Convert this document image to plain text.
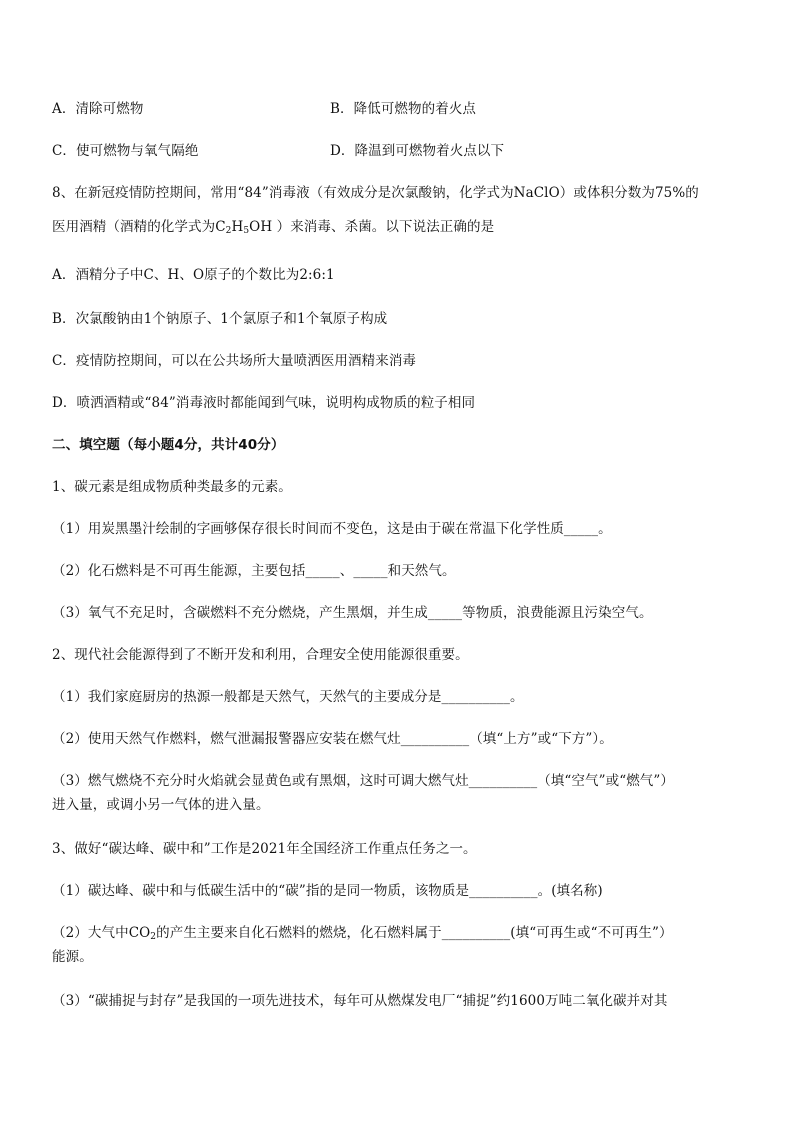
A．清除可燃物	B．降低可燃物的着火点
C．使可燃物与氧气隔绝	D．降温到可燃物着火点以下
8、在新冠疫情防控期间，常用“84”消毒液（有效成分是次氯酸钠，化学式为NaClO）或体积分数为75%的
医用酒精（酒精的化学式为$C_2H_5OH$ ）来消毒、杀菌。以下说法正确的是
A．酒精分子中C、H、O原子的个数比为2:6:1
B．次氯酸钠由1个钠原子、1个氯原子和1个氧原子构成
C．疫情防控期间，可以在公共场所大量喷洒医用酒精来消毒
D．喷洒酒精或“84”消毒液时都能闻到气味，说明构成物质的粒子相同
二、填空题（每小题4分，共计40分）
1、碳元素是组成物质种类最多的元素。
（1）用炭黑墨汁绘制的字画够保存很长时间而不变色，这是由于碳在常温下化学性质_____。
（2）化石燃料是不可再生能源，主要包括_____、_____和天然气。
（3）氧气不充足时，含碳燃料不充分燃烧，产生黑烟，并生成_____等物质，浪费能源且污染空气。
2、现代社会能源得到了不断开发和利用，合理安全使用能源很重要。
（1）我们家庭厨房的热源一般都是天然气，天然气的主要成分是__________。
（2）使用天然气作燃料，燃气泄漏报警器应安装在燃气灶__________（填“上方”或“下方”）。
（3）燃气燃烧不充分时火焰就会显黄色或有黑烟，这时可调大燃气灶__________（填“空气”或“燃气”）
进入量，或调小另一气体的进入量。
3、做好“碳达峰、碳中和”工作是2021年全国经济工作重点任务之一。
（1）碳达峰、碳中和与低碳生活中的“碳”指的是同一物质，该物质是__________。(填名称)
（2）大气中$CO_2$的产生主要来自化石燃料的燃烧，化石燃料属于__________(填“可再生或“不可再生”）
能源。
（3）“碳捕捉与封存”是我国的一项先进技术，每年可从燃煤发电厂“捕捉”约1600万吨二氧化碳并对其
